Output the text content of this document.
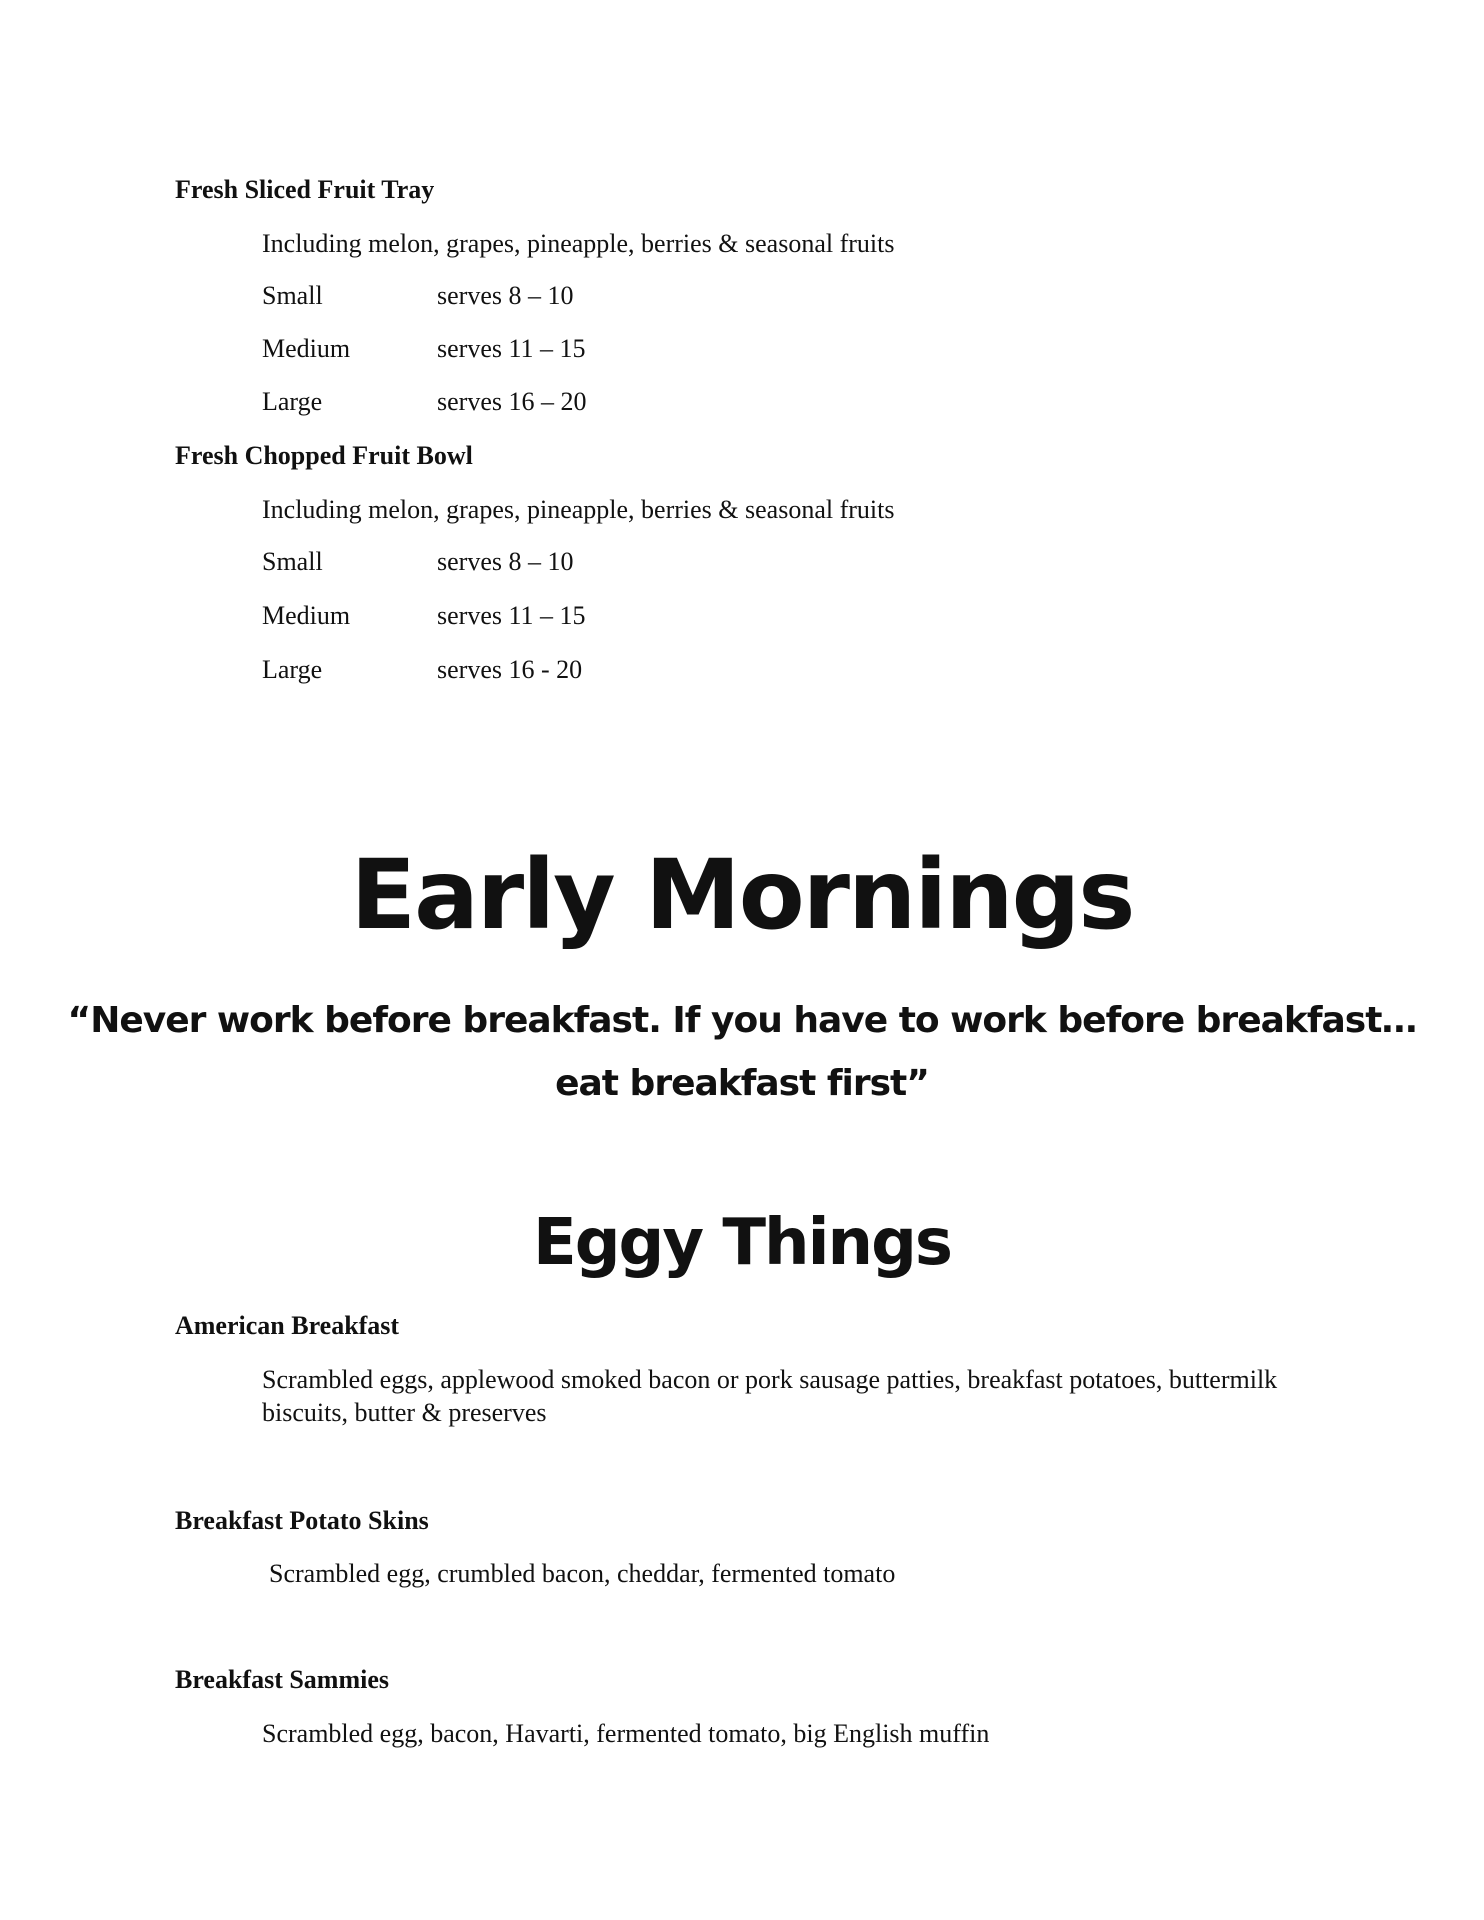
Fresh Sliced Fruit Tray

Including melon, grapes, pineapple, berries & seasonal fruits

Small	serves 8 – 10
Medium	serves 11 – 15
Large	serves 16 – 20

Fresh Chopped Fruit Bowl

Including melon, grapes, pineapple, berries & seasonal fruits

Small	serves 8 – 10
Medium	serves 11 – 15
Large	serves 16 - 20
Early Mornings

“Never work before breakfast. If you have to work before breakfast…

eat breakfast first”

Eggy Things

American Breakfast

Scrambled eggs, applewood smoked bacon or pork sausage patties, breakfast potatoes, buttermilk biscuits, butter & preserves

Breakfast Potato Skins

Scrambled egg, crumbled bacon, cheddar, fermented tomato

Breakfast Sammies

Scrambled egg, bacon, Havarti, fermented tomato, big English muffin
